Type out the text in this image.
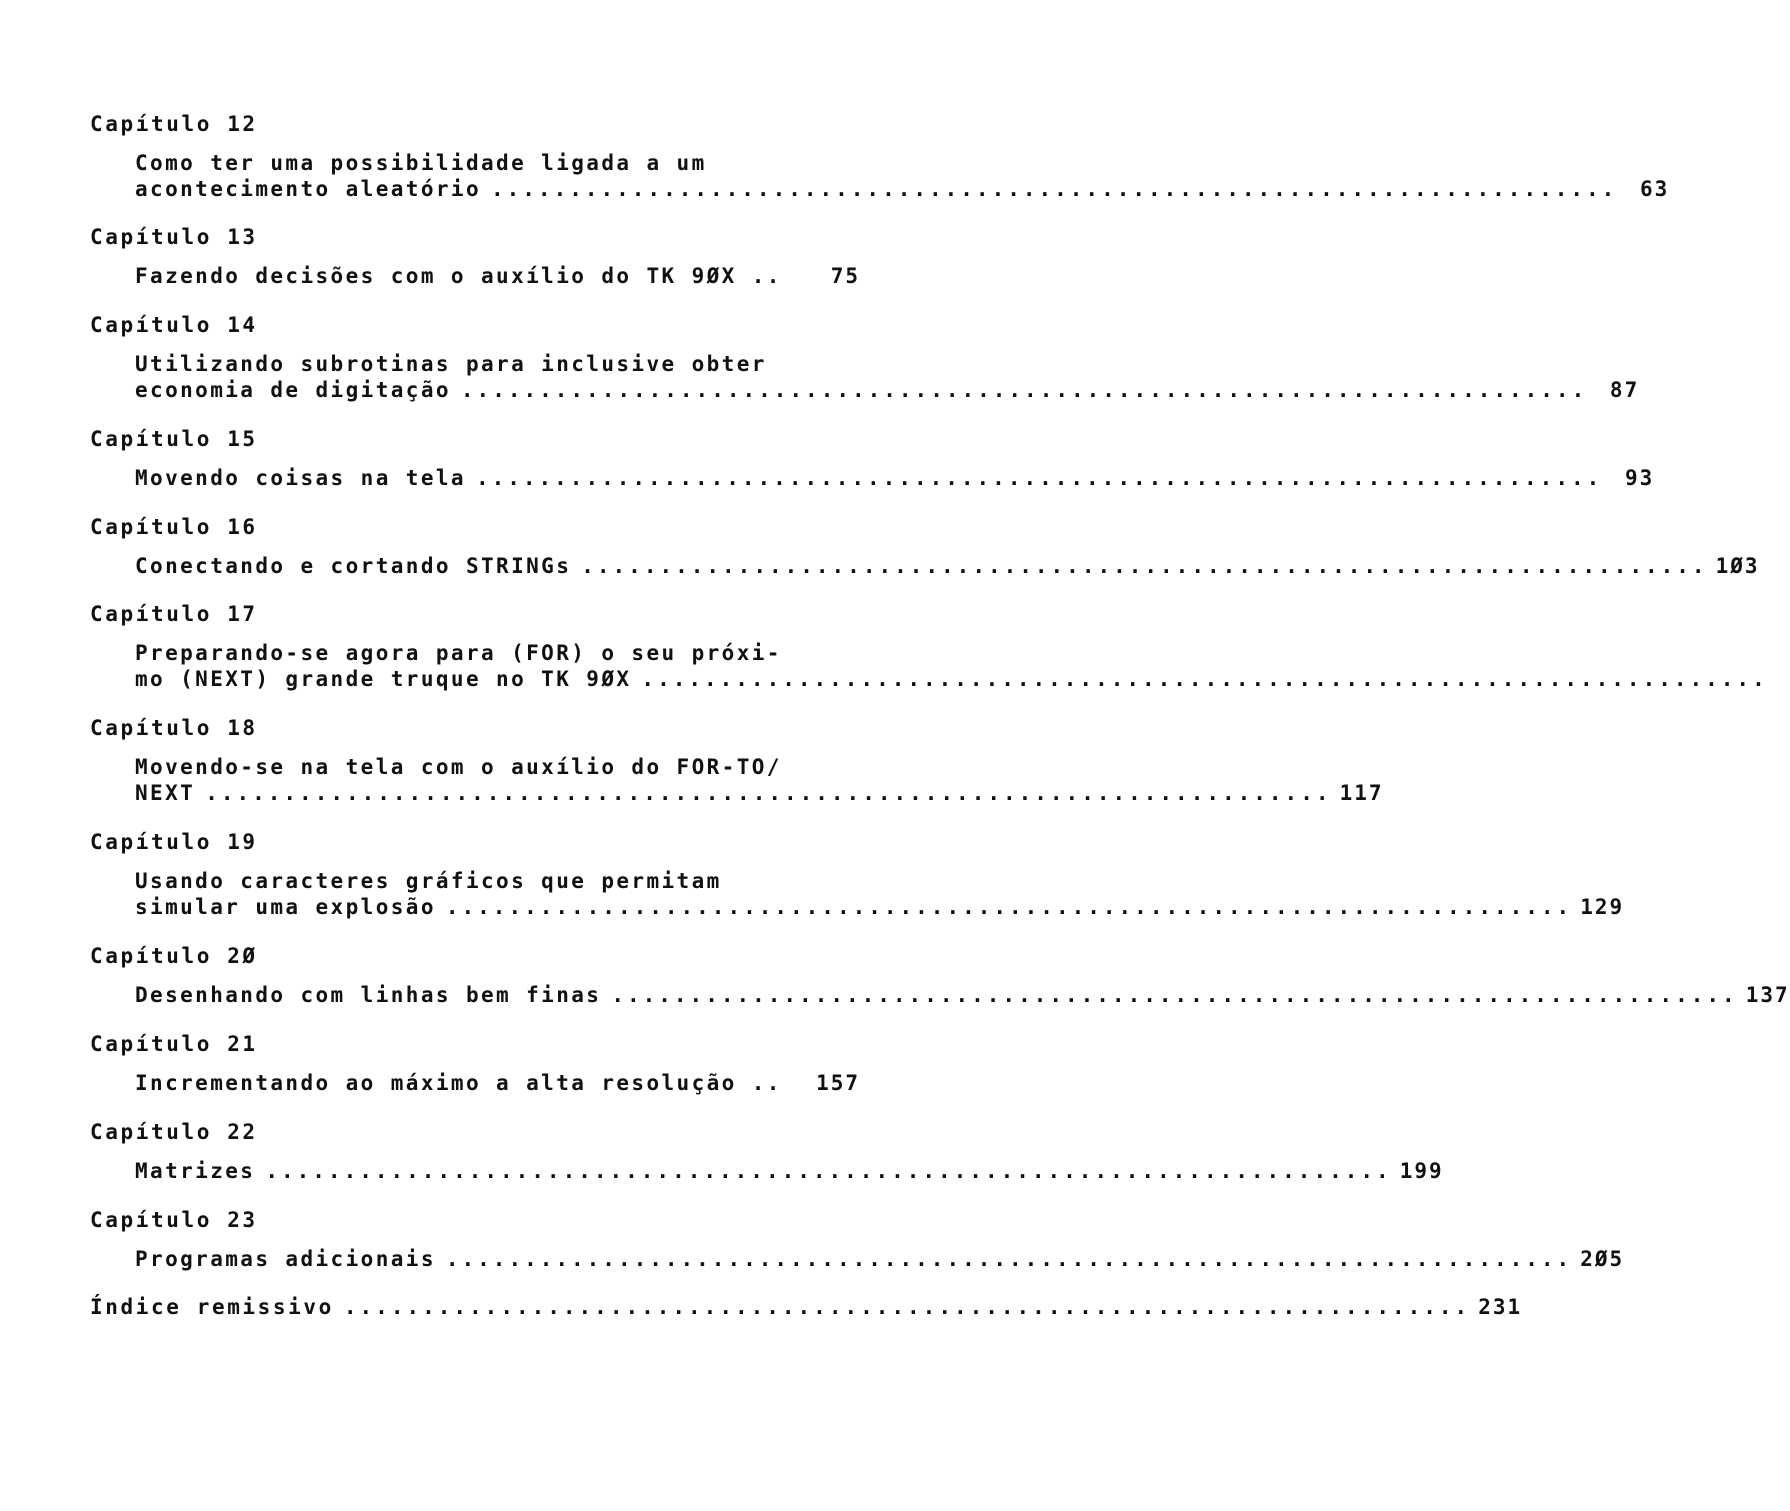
Capítulo 12
Como ter uma possibilidade ligada a um
acontecimento aleatório ........................................................................	63
Capítulo 13
Fazendo decisões com o auxílio do TK 9ØX ..	75
Capítulo 14
Utilizando subrotinas para inclusive obter
economia de digitação ........................................................................	87
Capítulo 15
Movendo coisas na tela ........................................................................	93
Capítulo 16
Conectando e cortando STRINGs ........................................................................ 1Ø3
Capítulo 17
Preparando-se agora para (FOR) o seu próxi-
mo (NEXT) grande truque no TK 9ØX ........................................................................
Capítulo 18
Movendo-se na tela com o auxílio do FOR-TO/
NEXT ........................................................................ 117
Capítulo 19
Usando caracteres gráficos que permitam
simular uma explosão ........................................................................ 129
Capítulo 2Ø
Desenhando com linhas bem finas ........................................................................ 137
Capítulo 21
Incrementando ao máximo a alta resolução .. 157
Capítulo 22
Matrizes ........................................................................ 199
Capítulo 23
Programas adicionais ........................................................................ 2Ø5
Índice remissivo ........................................................................ 231
